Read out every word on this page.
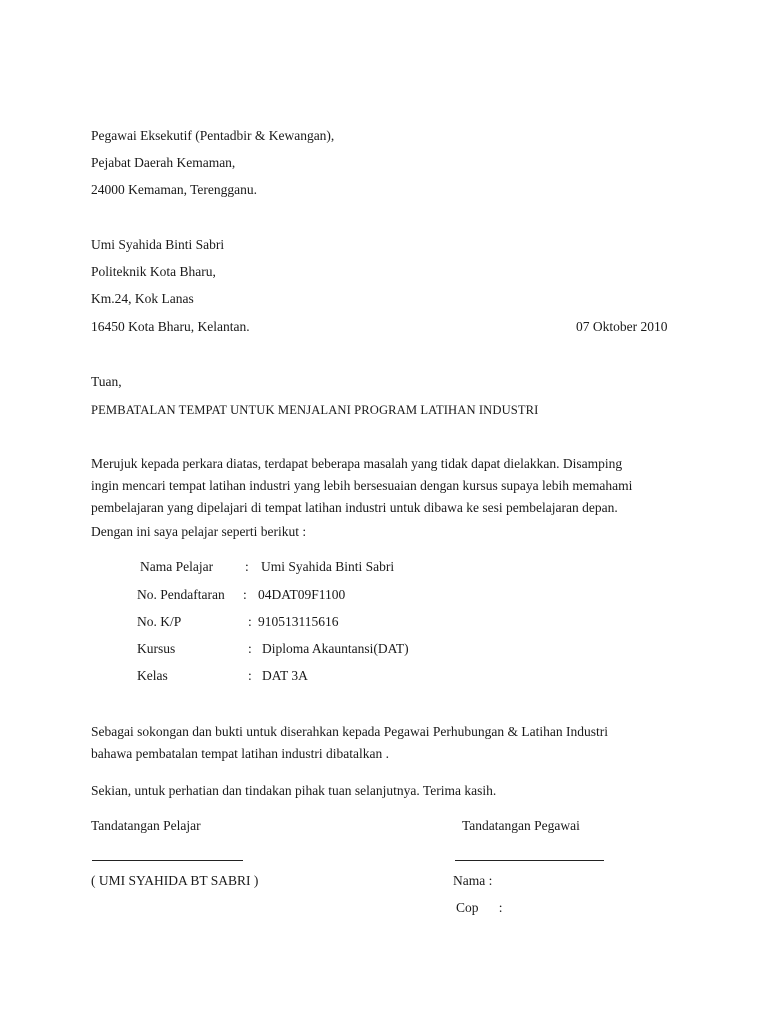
Pegawai Eksekutif (Pentadbir & Kewangan),
Pejabat Daerah Kemaman,
24000 Kemaman, Terengganu.
Umi Syahida Binti Sabri
Politeknik Kota Bharu,
Km.24, Kok Lanas
16450 Kota Bharu, Kelantan.	07 Oktober 2010
Tuan,
PEMBATALAN TEMPAT UNTUK MENJALANI PROGRAM LATIHAN INDUSTRI
Merujuk kepada perkara diatas, terdapat beberapa masalah yang tidak dapat dielakkan. Disamping
ingin mencari tempat latihan industri yang lebih bersesuaian dengan kursus supaya lebih memahami
pembelajaran yang dipelajari di tempat latihan industri untuk dibawa ke sesi pembelajaran depan.
Dengan ini saya pelajar seperti berikut :
Nama Pelajar : Umi Syahida Binti Sabri
No. Pendaftaran : 04DAT09F1100
No. K/P	: 910513115616
Kursus	: Diploma Akauntansi(DAT)
Kelas	: DAT 3A
Sebagai sokongan dan bukti untuk diserahkan kepada Pegawai Perhubungan & Latihan Industri
bahawa pembatalan tempat latihan industri dibatalkan .
Sekian, untuk perhatian dan tindakan pihak tuan selanjutnya. Terima kasih.
Tandatangan Pelajar	Tandatangan Pegawai
( UMI SYAHIDA BT SABRI )	Nama :
Cop      :
